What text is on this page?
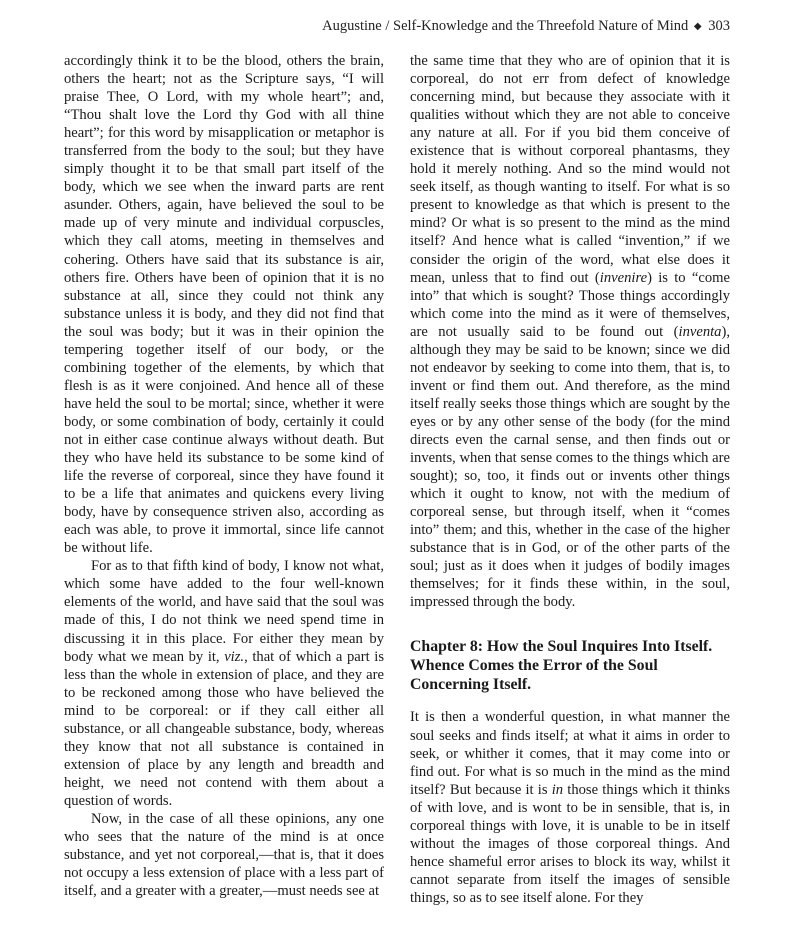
Augustine / Self-Knowledge and the Threefold Nature of Mind ◆ 303

accordingly think it to be the blood, others the brain, others the heart; not as the Scripture says, “I will praise Thee, O Lord, with my whole heart”; and, “Thou shalt love the Lord thy God with all thine heart”; for this word by misapplication or metaphor is transferred from the body to the soul; but they have simply thought it to be that small part itself of the body, which we see when the inward parts are rent asunder. Others, again, have believed the soul to be made up of very minute and individual corpuscles, which they call atoms, meeting in themselves and cohering. Others have said that its substance is air, others fire. Others have been of opinion that it is no substance at all, since they could not think any substance unless it is body, and they did not find that the soul was body; but it was in their opinion the tempering together itself of our body, or the combining together of the elements, by which that flesh is as it were conjoined. And hence all of these have held the soul to be mortal; since, whether it were body, or some combination of body, certainly it could not in either case continue always without death. But they who have held its substance to be some kind of life the reverse of corporeal, since they have found it to be a life that animates and quickens every living body, have by consequence striven also, according as each was able, to prove it immortal, since life cannot be without life.

For as to that fifth kind of body, I know not what, which some have added to the four well-known elements of the world, and have said that the soul was made of this, I do not think we need spend time in discussing it in this place. For either they mean by body what we mean by it, viz., that of which a part is less than the whole in extension of place, and they are to be reckoned among those who have believed the mind to be corporeal: or if they call either all substance, or all changeable substance, body, whereas they know that not all substance is contained in extension of place by any length and breadth and height, we need not contend with them about a question of words.

Now, in the case of all these opinions, any one who sees that the nature of the mind is at once substance, and yet not corporeal,—that is, that it does not occupy a less extension of place with a less part of itself, and a greater with a greater,—must needs see at

the same time that they who are of opinion that it is corporeal, do not err from defect of knowledge concerning mind, but because they associate with it qualities without which they are not able to conceive any nature at all. For if you bid them conceive of existence that is without corporeal phantasms, they hold it merely nothing. And so the mind would not seek itself, as though wanting to itself. For what is so present to knowledge as that which is present to the mind? Or what is so present to the mind as the mind itself? And hence what is called “invention,” if we consider the origin of the word, what else does it mean, unless that to find out (invenire) is to “come into” that which is sought? Those things accordingly which come into the mind as it were of themselves, are not usually said to be found out (inventa), although they may be said to be known; since we did not endeavor by seeking to come into them, that is, to invent or find them out. And therefore, as the mind itself really seeks those things which are sought by the eyes or by any other sense of the body (for the mind directs even the carnal sense, and then finds out or invents, when that sense comes to the things which are sought); so, too, it finds out or invents other things which it ought to know, not with the medium of corporeal sense, but through itself, when it “comes into” them; and this, whether in the case of the higher substance that is in God, or of the other parts of the soul; just as it does when it judges of bodily images themselves; for it finds these within, in the soul, impressed through the body.

Chapter 8: How the Soul Inquires Into Itself. Whence Comes the Error of the Soul Concerning Itself.

It is then a wonderful question, in what manner the soul seeks and finds itself; at what it aims in order to seek, or whither it comes, that it may come into or find out. For what is so much in the mind as the mind itself? But because it is in those things which it thinks of with love, and is wont to be in sensible, that is, in corporeal things with love, it is unable to be in itself without the images of those corporeal things. And hence shameful error arises to block its way, whilst it cannot separate from itself the images of sensible things, so as to see itself alone. For they
